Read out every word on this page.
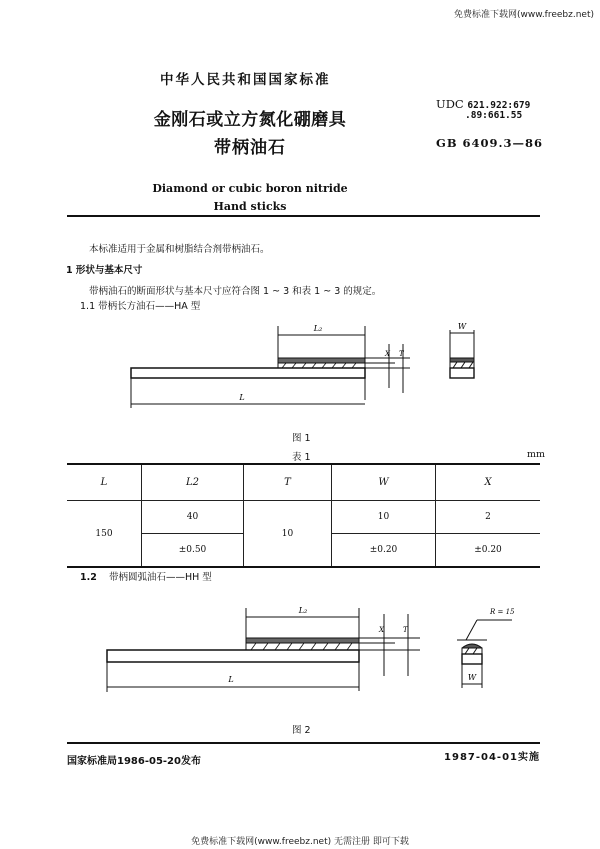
免费标准下载网(www.freebz.net)
中华人民共和国国家标准
金刚石或立方氮化硼磨具
带柄油石
Diamond or cubic boron nitride
Hand sticks
UDC 621.922:679
.89:661.55
GB 6409.3—86
本标准适用于金属和树脂结合剂带柄油石。
1 形状与基本尺寸
带柄油石的断面形状与基本尺寸应符合图 1 ~ 3 和表 1 ~ 3 的规定。
1.1 带柄长方油石——HA 型
L₂
L
X T
W
图 1
表 1	mm
L	L2	T	W	X
150	40	10	10	2
	±0.50		±0.20	±0.20
1.2 带柄圆弧油石——HH 型
L₂
L
X	T
R = 15
W
图 2
国家标准局1986-05-20发布	1987-04-01实施
免费标准下载网(www.freebz.net) 无需注册 即可下载
